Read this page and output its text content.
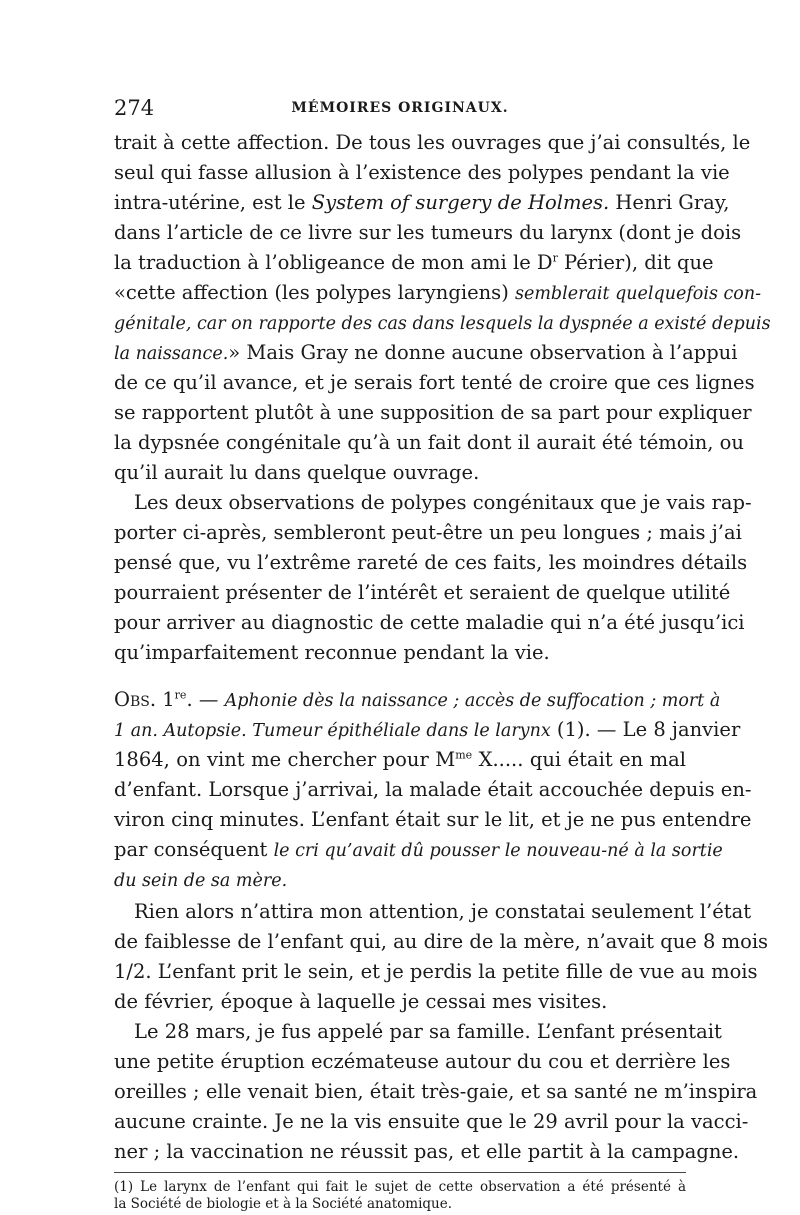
274	MÉMOIRES ORIGINAUX.
trait à cette affection. De tous les ouvrages que j’ai consultés, le
seul qui fasse allusion à l’existence des polypes pendant la vie
intra-utérine, est le System of surgery de Holmes. Henri Gray,
dans l’article de ce livre sur les tumeurs du larynx (dont je dois
la traduction à l’obligeance de mon ami le $D^r$ Périer), dit que
«cette affection (les polypes laryngiens) semblerait quelquefois con-
génitale, car on rapporte des cas dans lesquels la dyspnée a existé depuis
la naissance.» Mais Gray ne donne aucune observation à l’appui
de ce qu’il avance, et je serais fort tenté de croire que ces lignes
se rapportent plutôt à une supposition de sa part pour expliquer
la dypsnée congénitale qu’à un fait dont il aurait été témoin, ou
qu’il aurait lu dans quelque ouvrage.
Les deux observations de polypes congénitaux que je vais rap-
porter ci-après, sembleront peut-être un peu longues ; mais j’ai
pensé que, vu l’extrême rareté de ces faits, les moindres détails
pourraient présenter de l’intérêt et seraient de quelque utilité
pour arriver au diagnostic de cette maladie qui n’a été jusqu’ici
qu’imparfaitement reconnue pendant la vie.
Obs. 1re. — Aphonie dès la naissance ; accès de suffocation ; mort à
1 an. Autopsie. Tumeur épithéliale dans le larynx (1). — Le 8 janvier
1864, on vint me chercher pour $M^{me}$ X..... qui était en mal
d’enfant. Lorsque j’arrivai, la malade était accouchée depuis en-
viron cinq minutes. L’enfant était sur le lit, et je ne pus entendre
par conséquent le cri qu’avait dû pousser le nouveau-né à la sortie
du sein de sa mère.
Rien alors n’attira mon attention, je constatai seulement l’état
de faiblesse de l’enfant qui, au dire de la mère, n’avait que 8 mois
1/2. L’enfant prit le sein, et je perdis la petite fille de vue au mois
de février, époque à laquelle je cessai mes visites.
Le 28 mars, je fus appelé par sa famille. L’enfant présentait
une petite éruption eczémateuse autour du cou et derrière les
oreilles ; elle venait bien, était très-gaie, et sa santé ne m’inspira
aucune crainte. Je ne la vis ensuite que le 29 avril pour la vacci-
ner ; la vaccination ne réussit pas, et elle partit à la campagne.
(1) Le larynx de l’enfant qui fait le sujet de cette observation a été présenté à
la Société de biologie et à la Société anatomique.
